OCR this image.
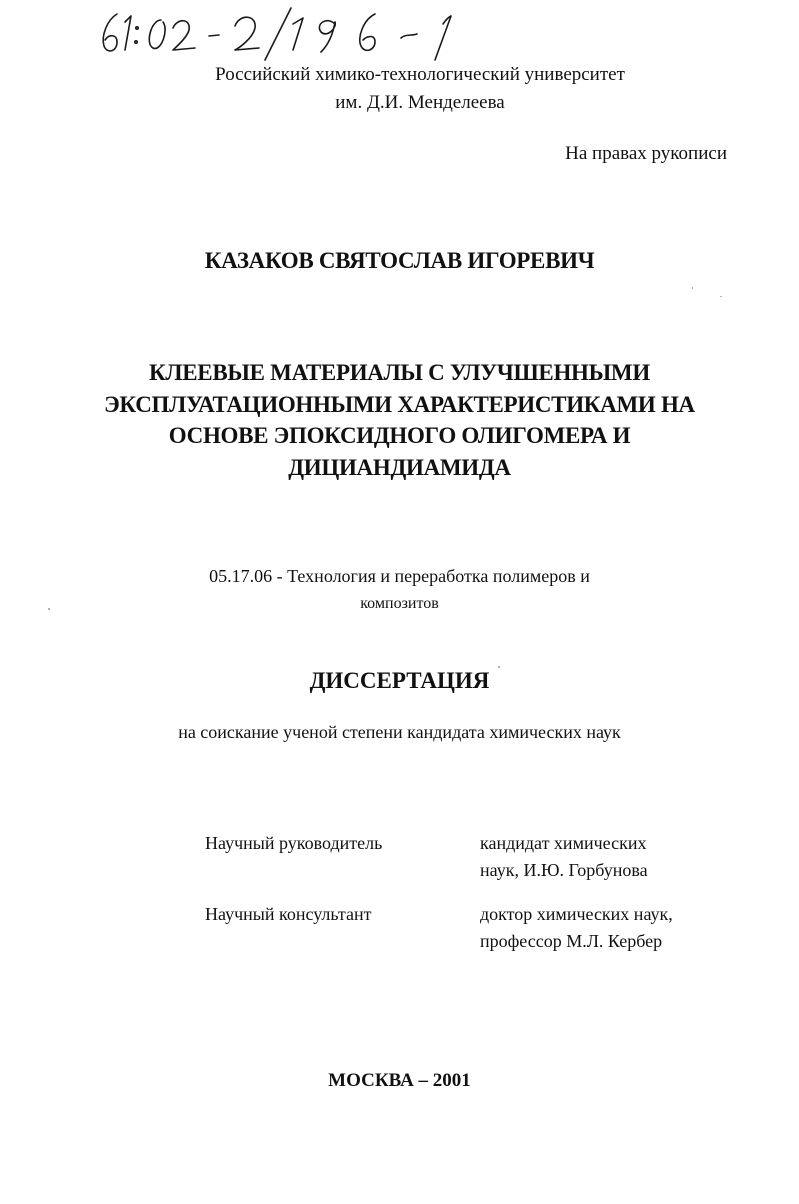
Российский химико-технологический университет
им. Д.И. Менделеева
На правах рукописи
КАЗАКОВ СВЯТОСЛАВ ИГОРЕВИЧ
КЛЕЕВЫЕ МАТЕРИАЛЫ С УЛУЧШЕННЫМИ
ЭКСПЛУАТАЦИОННЫМИ ХАРАКТЕРИСТИКАМИ НА
ОСНОВЕ ЭПОКСИДНОГО ОЛИГОМЕРА И
ДИЦИАНДИАМИДА
05.17.06 - Технология и переработка полимеров и
композитов
ДИССЕРТАЦИЯ
на соискание ученой степени кандидата химических наук
Научный руководитель	кандидат химических
наук, И.Ю. Горбунова
Научный консультант	доктор химических наук,
профессор М.Л. Кербер
МОСКВА – 2001
